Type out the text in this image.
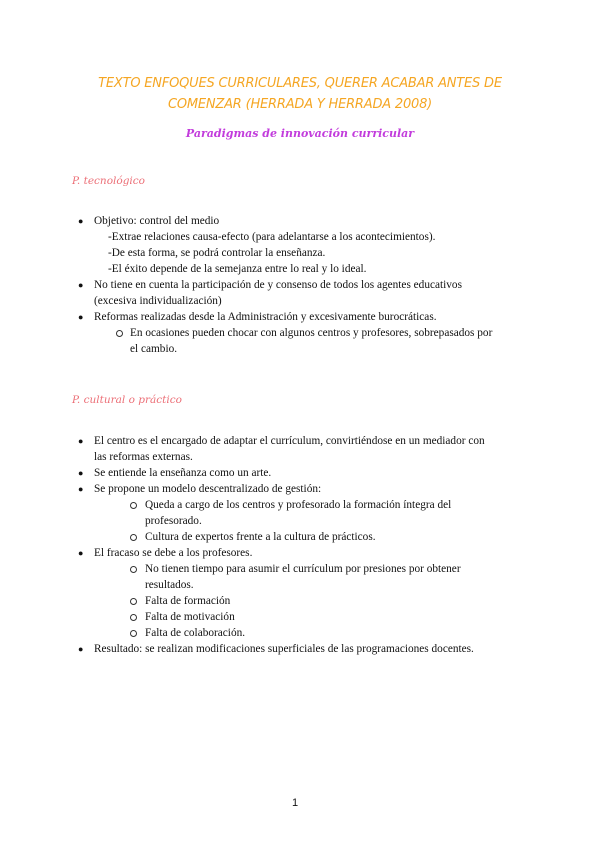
TEXTO ENFOQUES CURRICULARES, QUERER ACABAR ANTES DE
COMENZAR (HERRADA Y HERRADA 2008)
Paradigmas de innovación curricular
P. tecnológico
● Objetivo: control del medio
-Extrae relaciones causa-efecto (para adelantarse a los acontecimientos).
-De esta forma, se podrá controlar la enseñanza.
-El éxito depende de la semejanza entre lo real y lo ideal.
● No tiene en cuenta la participación de y consenso de todos los agentes educativos
(excesiva individualización)
● Reformas realizadas desde la Administración y excesivamente burocráticas.
En ocasiones pueden chocar con algunos centros y profesores, sobrepasados por
el cambio.
P. cultural o práctico
● El centro es el encargado de adaptar el currículum, convirtiéndose en un mediador con
las reformas externas.
● Se entiende la enseñanza como un arte.
● Se propone un modelo descentralizado de gestión:
Queda a cargo de los centros y profesorado la formación íntegra del
profesorado.
Cultura de expertos frente a la cultura de prácticos.
● El fracaso se debe a los profesores.
No tienen tiempo para asumir el currículum por presiones por obtener
resultados.
Falta de formación
Falta de motivación
Falta de colaboración.
● Resultado: se realizan modificaciones superficiales de las programaciones docentes.
1
